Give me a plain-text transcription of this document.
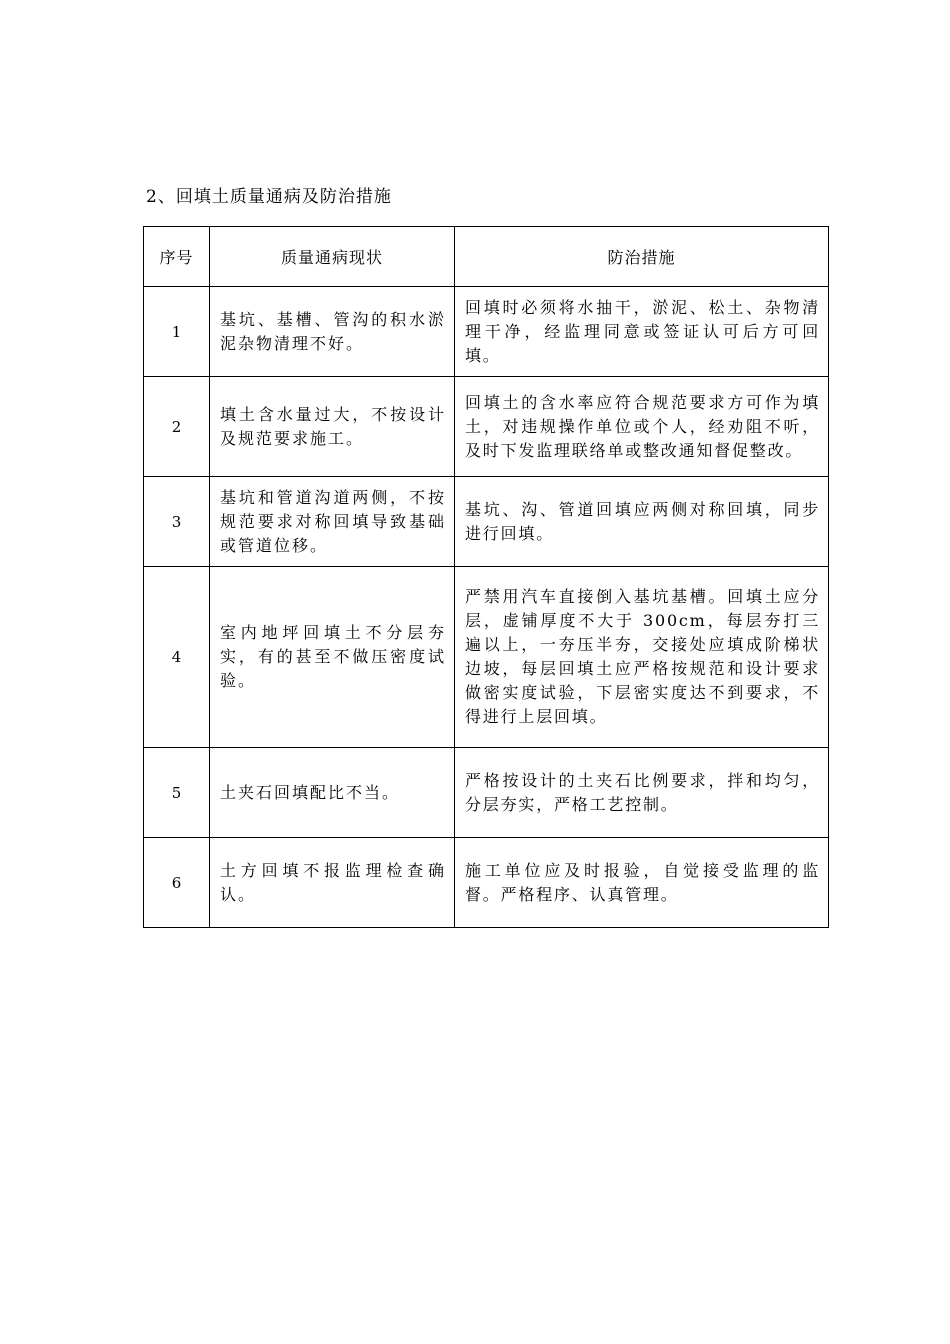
2、回填土质量通病及防治措施
序号	质量通病现状	防治措施
1	基坑、基槽、管沟的积水淤泥杂物清理不好。	回填时必须将水抽干，淤泥、松土、杂物清理干净，经监理同意或签证认可后方可回填。
2	填土含水量过大，不按设计及规范要求施工。	回填土的含水率应符合规范要求方可作为填土，对违规操作单位或个人，经劝阻不听，及时下发监理联络单或整改通知督促整改。
3	基坑和管道沟道两侧，不按规范要求对称回填导致基础或管道位移。	基坑、沟、管道回填应两侧对称回填，同步进行回填。
4	室内地坪回填土不分层夯实，有的甚至不做压密度试验。	严禁用汽车直接倒入基坑基槽。回填土应分层，虚铺厚度不大于 300cm，每层夯打三遍以上，一夯压半夯，交接处应填成阶梯状边坡，每层回填土应严格按规范和设计要求做密实度试验，下层密实度达不到要求，不得进行上层回填。
5	土夹石回填配比不当。	严格按设计的土夹石比例要求，拌和均匀，分层夯实，严格工艺控制。
6	土方回填不报监理检查确认。	施工单位应及时报验，自觉接受监理的监督。严格程序、认真管理。
